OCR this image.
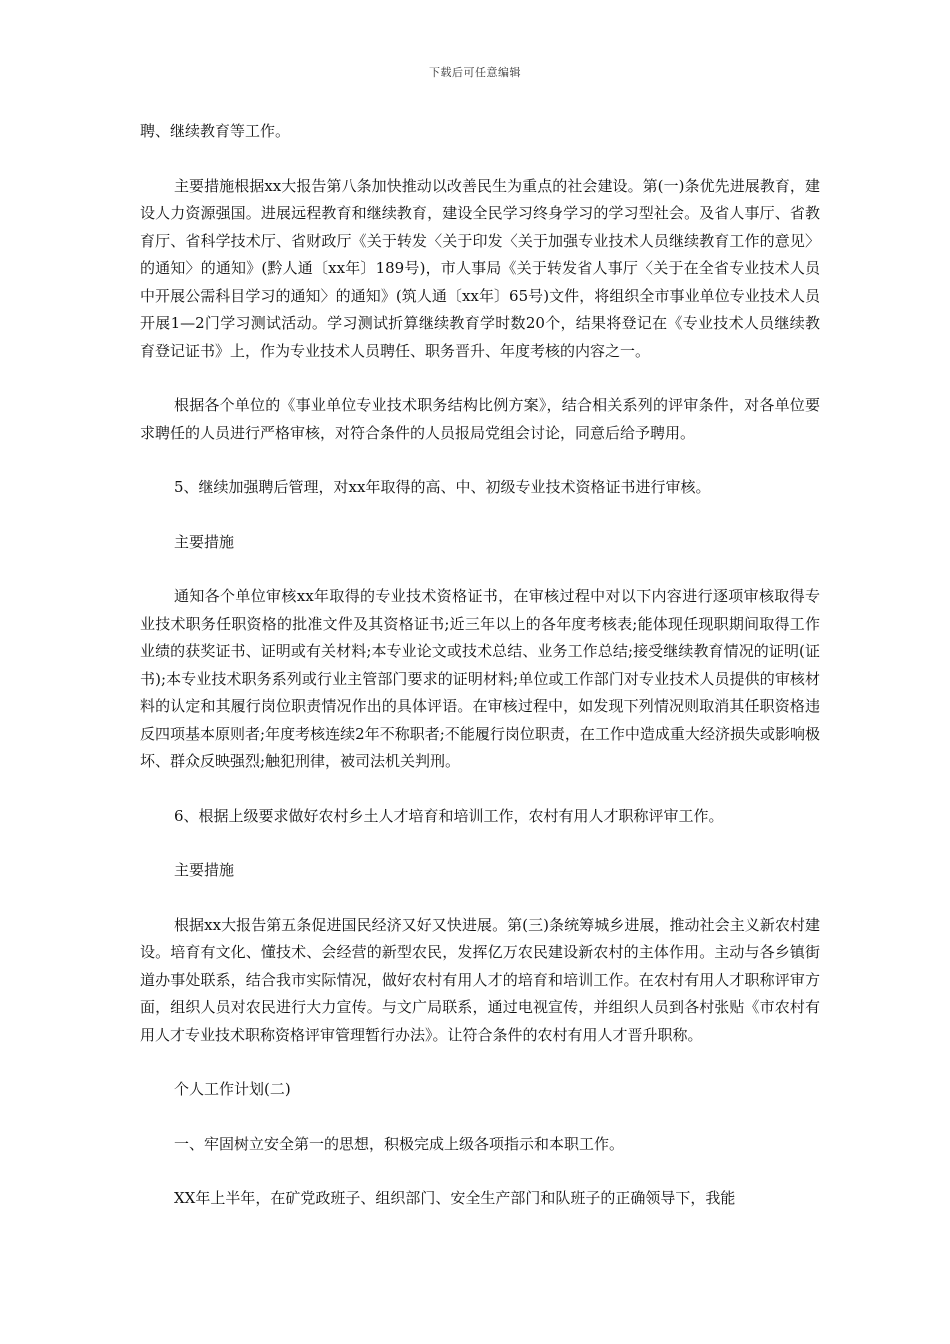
下载后可任意编辑

聘、继续教育等工作。

主要措施根据xx大报告第八条加快推动以改善民生为重点的社会建设。第(一)条优先进展教育，建设人力资源强国。进展远程教育和继续教育，建设全民学习终身学习的学习型社会。及省人事厅、省教育厅、省科学技术厅、省财政厅《关于转发〈关于印发〈关于加强专业技术人员继续教育工作的意见〉的通知〉的通知》(黔人通〔xx年〕189号)，市人事局《关于转发省人事厅〈关于在全省专业技术人员中开展公需科目学习的通知〉的通知》(筑人通〔xx年〕65号)文件，将组织全市事业单位专业技术人员开展1—2门学习测试活动。学习测试折算继续教育学时数20个，结果将登记在《专业技术人员继续教育登记证书》上，作为专业技术人员聘任、职务晋升、年度考核的内容之一。

根据各个单位的《事业单位专业技术职务结构比例方案》，结合相关系列的评审条件，对各单位要求聘任的人员进行严格审核，对符合条件的人员报局党组会讨论，同意后给予聘用。

5、继续加强聘后管理，对xx年取得的高、中、初级专业技术资格证书进行审核。

主要措施

通知各个单位审核xx年取得的专业技术资格证书，在审核过程中对以下内容进行逐项审核取得专业技术职务任职资格的批准文件及其资格证书;近三年以上的各年度考核表;能体现任现职期间取得工作业绩的获奖证书、证明或有关材料;本专业论文或技术总结、业务工作总结;接受继续教育情况的证明(证书);本专业技术职务系列或行业主管部门要求的证明材料;单位或工作部门对专业技术人员提供的审核材料的认定和其履行岗位职责情况作出的具体评语。在审核过程中，如发现下列情况则取消其任职资格违反四项基本原则者;年度考核连续2年不称职者;不能履行岗位职责，在工作中造成重大经济损失或影响极坏、群众反映强烈;触犯刑律，被司法机关判刑。

6、根据上级要求做好农村乡土人才培育和培训工作，农村有用人才职称评审工作。

主要措施

根据xx大报告第五条促进国民经济又好又快进展。第(三)条统筹城乡进展，推动社会主义新农村建设。培育有文化、懂技术、会经营的新型农民，发挥亿万农民建设新农村的主体作用。主动与各乡镇街道办事处联系，结合我市实际情况，做好农村有用人才的培育和培训工作。在农村有用人才职称评审方面，组织人员对农民进行大力宣传。与文广局联系，通过电视宣传，并组织人员到各村张贴《市农村有用人才专业技术职称资格评审管理暂行办法》。让符合条件的农村有用人才晋升职称。

个人工作计划(二)

一、牢固树立安全第一的思想，积极完成上级各项指示和本职工作。

XX年上半年，在矿党政班子、组织部门、安全生产部门和队班子的正确领导下，我能
